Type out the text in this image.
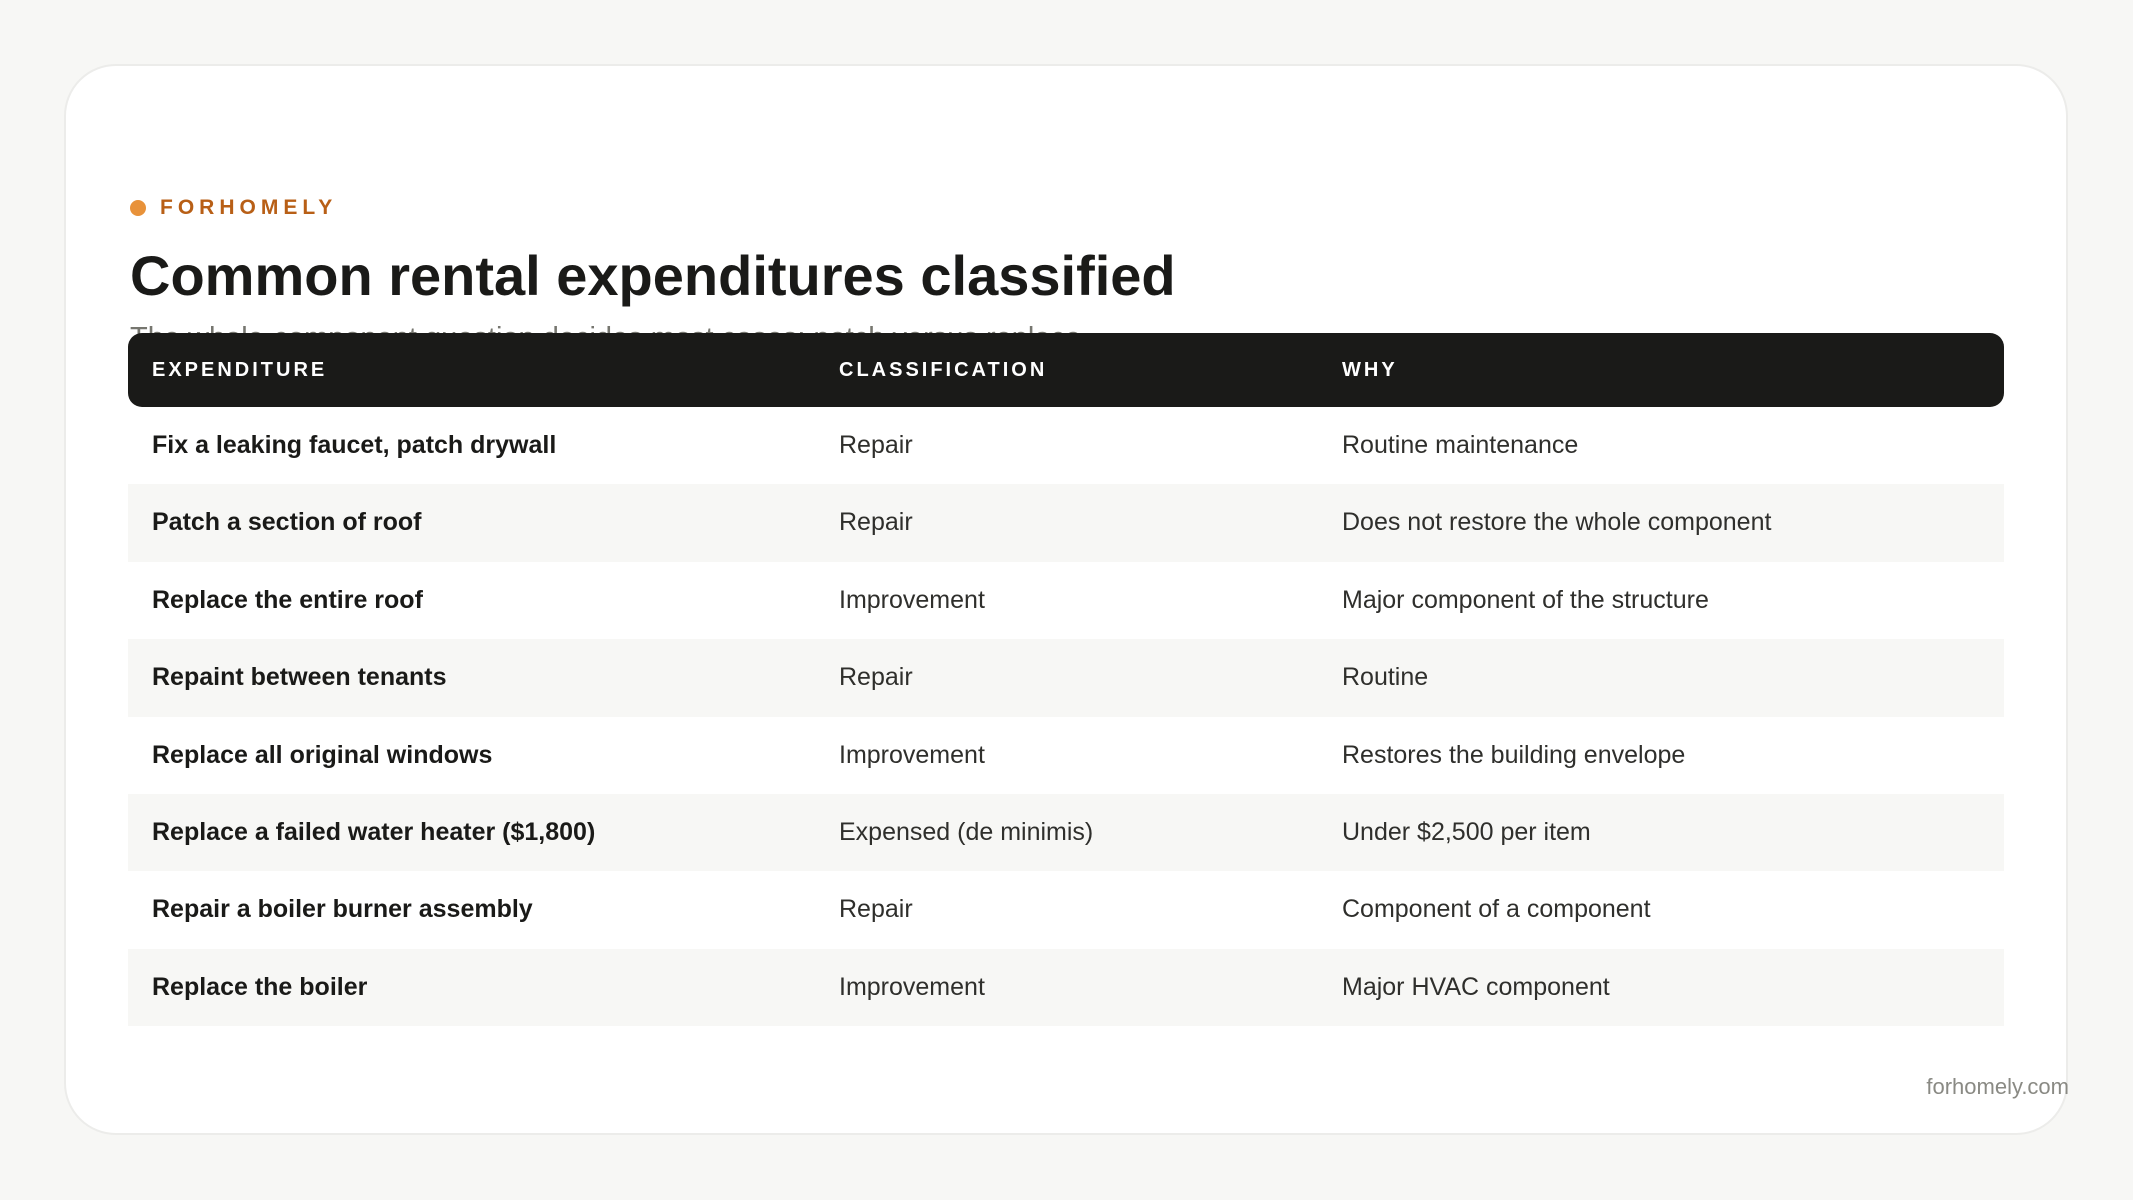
FORHOMELY
Common rental expenditures classified

EXPENDITURE	CLASSIFICATION	WHY
Fix a leaking faucet, patch drywall	Repair	Routine maintenance
Patch a section of roof	Repair	Does not restore the whole component
Replace the entire roof	Improvement	Major component of the structure
Repaint between tenants	Repair	Routine
Replace all original windows	Improvement	Restores the building envelope
Replace a failed water heater ($1,800)	Expensed (de minimis)	Under $2,500 per item
Repair a boiler burner assembly	Repair	Component of a component
Replace the boiler	Improvement	Major HVAC component
forhomely.com
